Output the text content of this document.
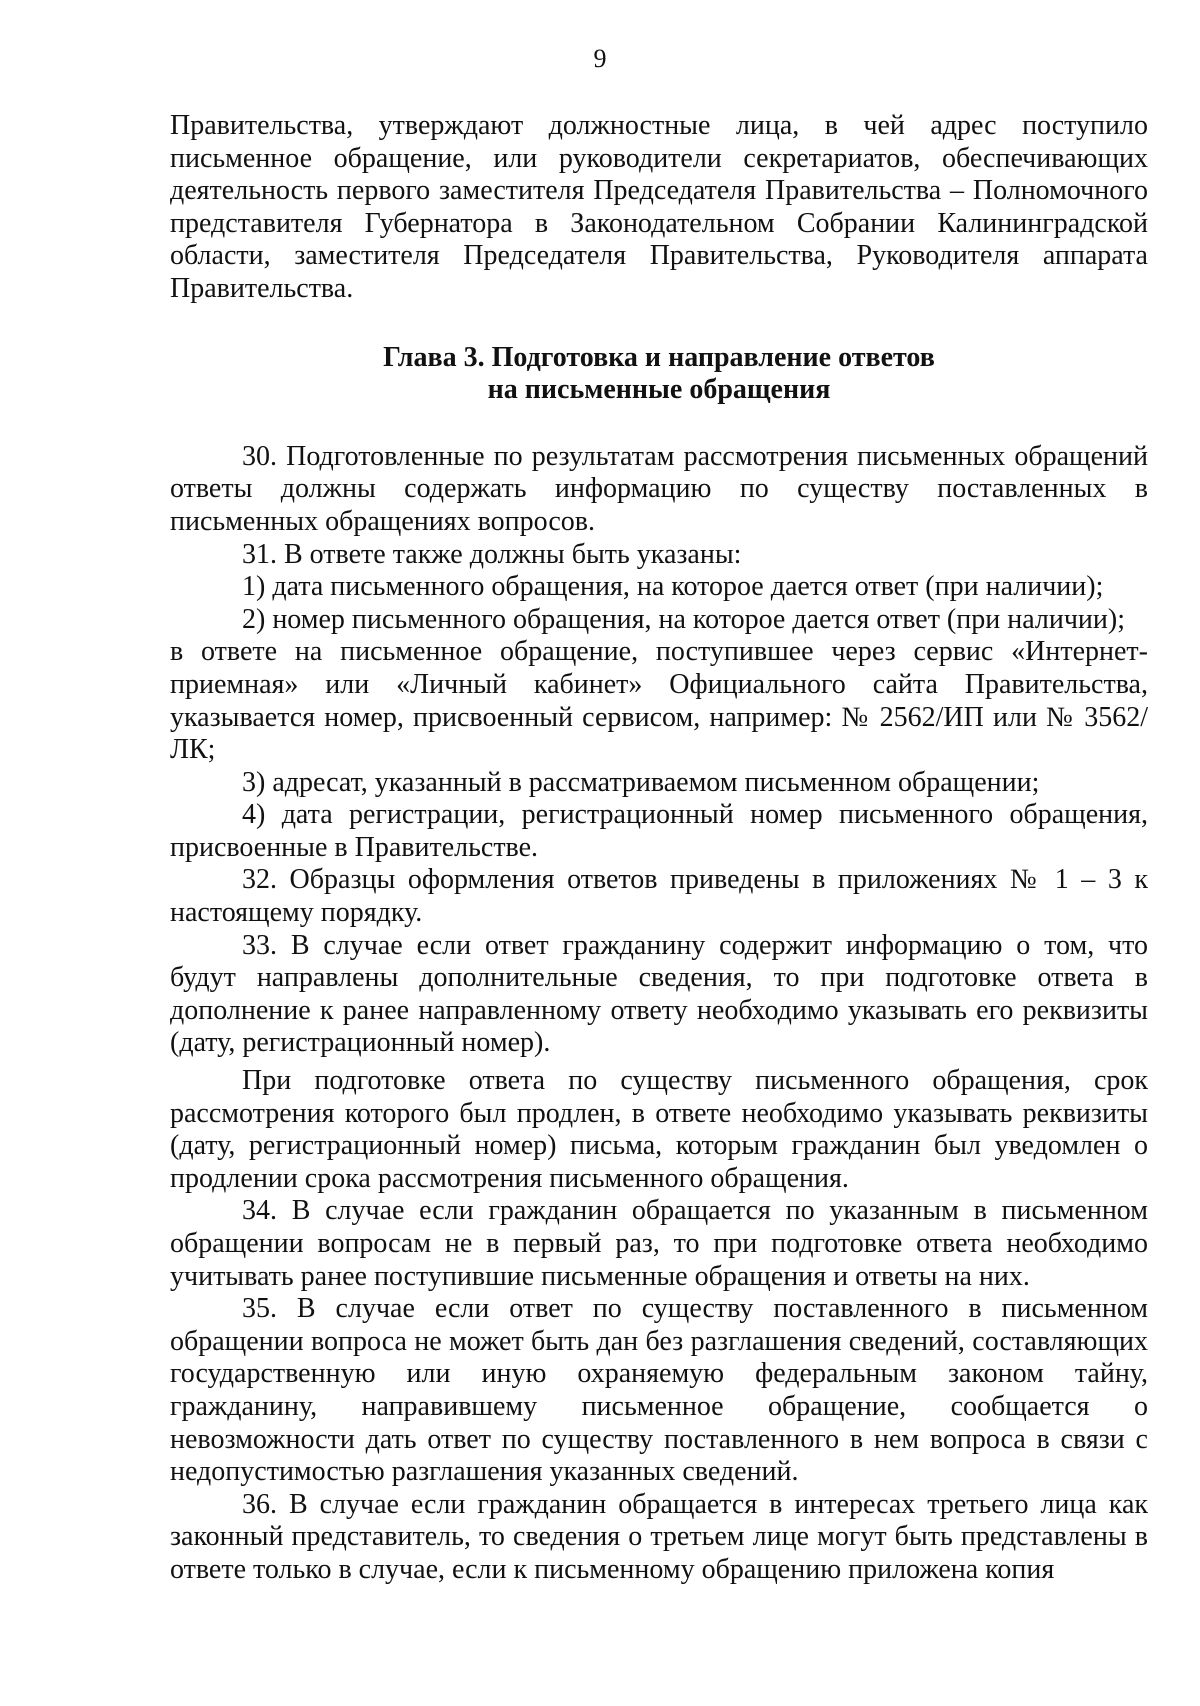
9

Правительства, утверждают должностные лица, в чей адрес поступило письменное обращение, или руководители секретариатов, обеспечивающих деятельность первого заместителя Председателя Правительства – Полномочного представителя Губернатора в Законодательном Собрании Калининградской области, заместителя Председателя Правительства, Руководителя аппарата Правительства.

Глава 3. Подготовка и направление ответов
на письменные обращения

30. Подготовленные по результатам рассмотрения письменных обращений ответы должны содержать информацию по существу поставленных в письменных обращениях вопросов.

31. В ответе также должны быть указаны:

1) дата письменного обращения, на которое дается ответ (при наличии);

2) номер письменного обращения, на которое дается ответ (при наличии);

в ответе на письменное обращение, поступившее через сервис «Интернет-приемная» или «Личный кабинет» Официального сайта Правительства, указывается номер, присвоенный сервисом, например: № 2562/ИП или № 3562/ЛК;

3) адресат, указанный в рассматриваемом письменном обращении;

4) дата регистрации, регистрационный номер письменного обращения, присвоенные в Правительстве.

32. Образцы оформления ответов приведены в приложениях № 1 – 3 к настоящему порядку.

33. В случае если ответ гражданину содержит информацию о том, что будут направлены дополнительные сведения, то при подготовке ответа в дополнение к ранее направленному ответу необходимо указывать его реквизиты (дату, регистрационный номер).

При подготовке ответа по существу письменного обращения, срок рассмотрения которого был продлен, в ответе необходимо указывать реквизиты (дату, регистрационный номер) письма, которым гражданин был уведомлен о продлении срока рассмотрения письменного обращения.

34. В случае если гражданин обращается по указанным в письменном обращении вопросам не в первый раз, то при подготовке ответа необходимо учитывать ранее поступившие письменные обращения и ответы на них.

35. В случае если ответ по существу поставленного в письменном обращении вопроса не может быть дан без разглашения сведений, составляющих государственную или иную охраняемую федеральным законом тайну, гражданину, направившему письменное обращение, сообщается о невозможности дать ответ по существу поставленного в нем вопроса в связи с недопустимостью разглашения указанных сведений.

36. В случае если гражданин обращается в интересах третьего лица как законный представитель, то сведения о третьем лице могут быть представлены в ответе только в случае, если к письменному обращению приложена копия
